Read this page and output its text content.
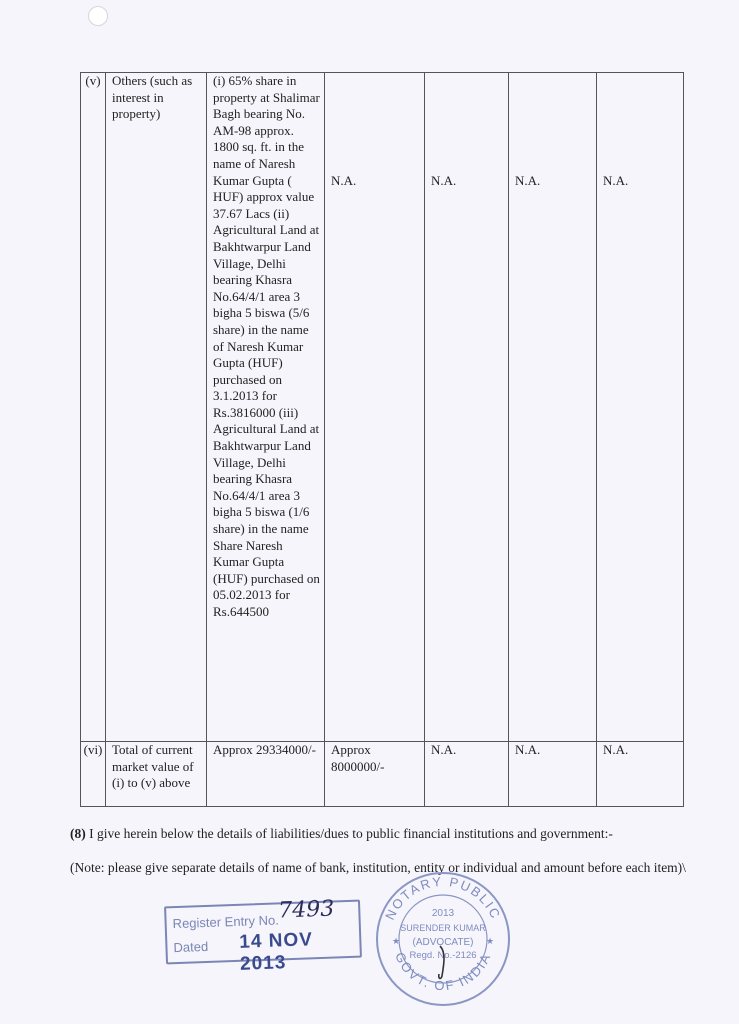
(v)	Others (such as interest in property)	(i) 65% share in property at Shalimar Bagh bearing No. AM-98 approx. 1800 sq. ft. in the name of Naresh Kumar Gupta ( HUF) approx value 37.67 Lacs (ii) Agricultural Land at Bakhtwarpur Land Village, Delhi bearing Khasra No.64/4/1 area 3 bigha 5 biswa (5/6 share) in the name of Naresh Kumar Gupta (HUF) purchased on 3.1.2013 for Rs.3816000 (iii) Agricultural Land at Bakhtwarpur Land Village, Delhi bearing Khasra No.64/4/1 area 3 bigha 5 biswa (1/6 share) in the name Share Naresh Kumar Gupta (HUF) purchased on 05.02.2013 for Rs.644500	N.A.	N.A.	N.A.	N.A.

(vi)	Total of current market value of (i) to (v) above	Approx 29334000/-	Approx 8000000/-	N.A.	N.A.	N.A.
(8) I give herein below the details of liabilities/dues to public financial institutions and government:-
(Note: please give separate details of name of bank, institution, entity or individual and amount before each item)\
Register Entry No.
7493
Dated 14 NOV 2013
NOTARY PUBLIC
GOVT. OF INDIA
2013
SURENDER KUMAR
(ADVOCATE)
Regd. No.-2126
★	★
